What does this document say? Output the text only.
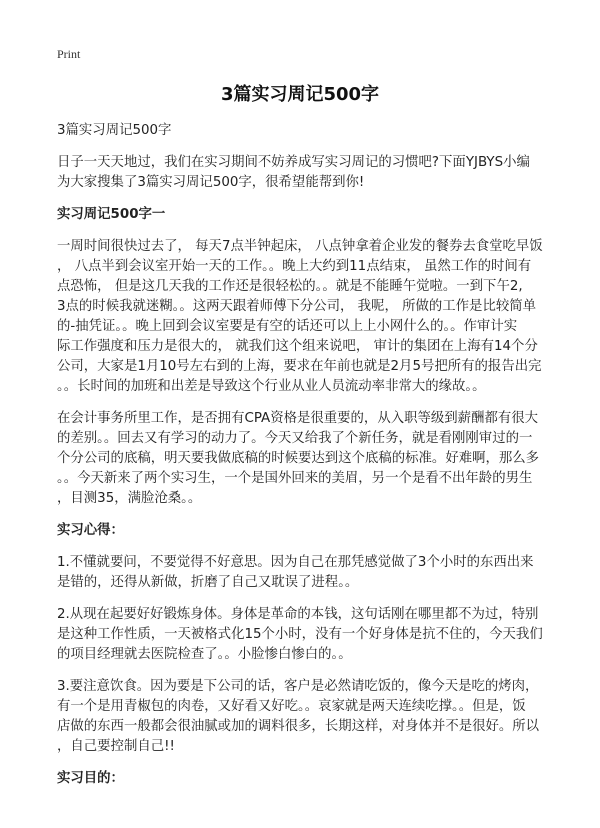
Print
3篇实习周记500字
3篇实习周记500字
日子一天天地过，我们在实习期间不妨养成写实习周记的习惯吧?下面YJBYS小编
为大家搜集了3篇实习周记500字，很希望能帮到你!
实习周记500字一
一周时间很快过去了， 每天7点半钟起床， 八点钟拿着企业发的餐券去食堂吃早饭
， 八点半到会议室开始一天的工作。。晚上大约到11点结束， 虽然工作的时间有
点恐怖， 但是这几天我的工作还是很轻松的。。就是不能睡午觉啦。一到下午2,
3点的时候我就迷糊。。这两天跟着师傅下分公司， 我呢， 所做的工作是比较简单
的-抽凭证。。晚上回到会议室要是有空的话还可以上上小网什么的。。作审计实
际工作强度和压力是很大的， 就我们这个组来说吧， 审计的集团在上海有14个分
公司，大家是1月10号左右到的上海，要求在年前也就是2月5号把所有的报告出完
。。长时间的加班和出差是导致这个行业从业人员流动率非常大的缘故。。
在会计事务所里工作，是否拥有CPA资格是很重要的，从入职等级到薪酬都有很大
的差别。。回去又有学习的动力了。今天又给我了个新任务，就是看刚刚审过的一
个分公司的底稿，明天要我做底稿的时候要达到这个底稿的标准。好难啊，那么多
。。今天新来了两个实习生，一个是国外回来的美眉，另一个是看不出年龄的男生
，目测35，满脸沧桑。。
实习心得：
1.不懂就要问，不要觉得不好意思。因为自己在那凭感觉做了3个小时的东西出来
是错的，还得从新做，折磨了自己又耽误了进程。。
2.从现在起要好好锻炼身体。身体是革命的本钱，这句话刚在哪里都不为过，特别
是这种工作性质，一天被格式化15个小时，没有一个好身体是抗不住的，今天我们
的项目经理就去医院检查了。。小脸惨白惨白的。。
3.要注意饮食。因为要是下公司的话，客户是必然请吃饭的，像今天是吃的烤肉，
有一个是用青椒包的肉卷，又好看又好吃。。哀家就是两天连续吃撑。。但是，饭
店做的东西一般都会很油腻或加的调料很多，长期这样，对身体并不是很好。所以
，自己要控制自己!!
实习目的：
